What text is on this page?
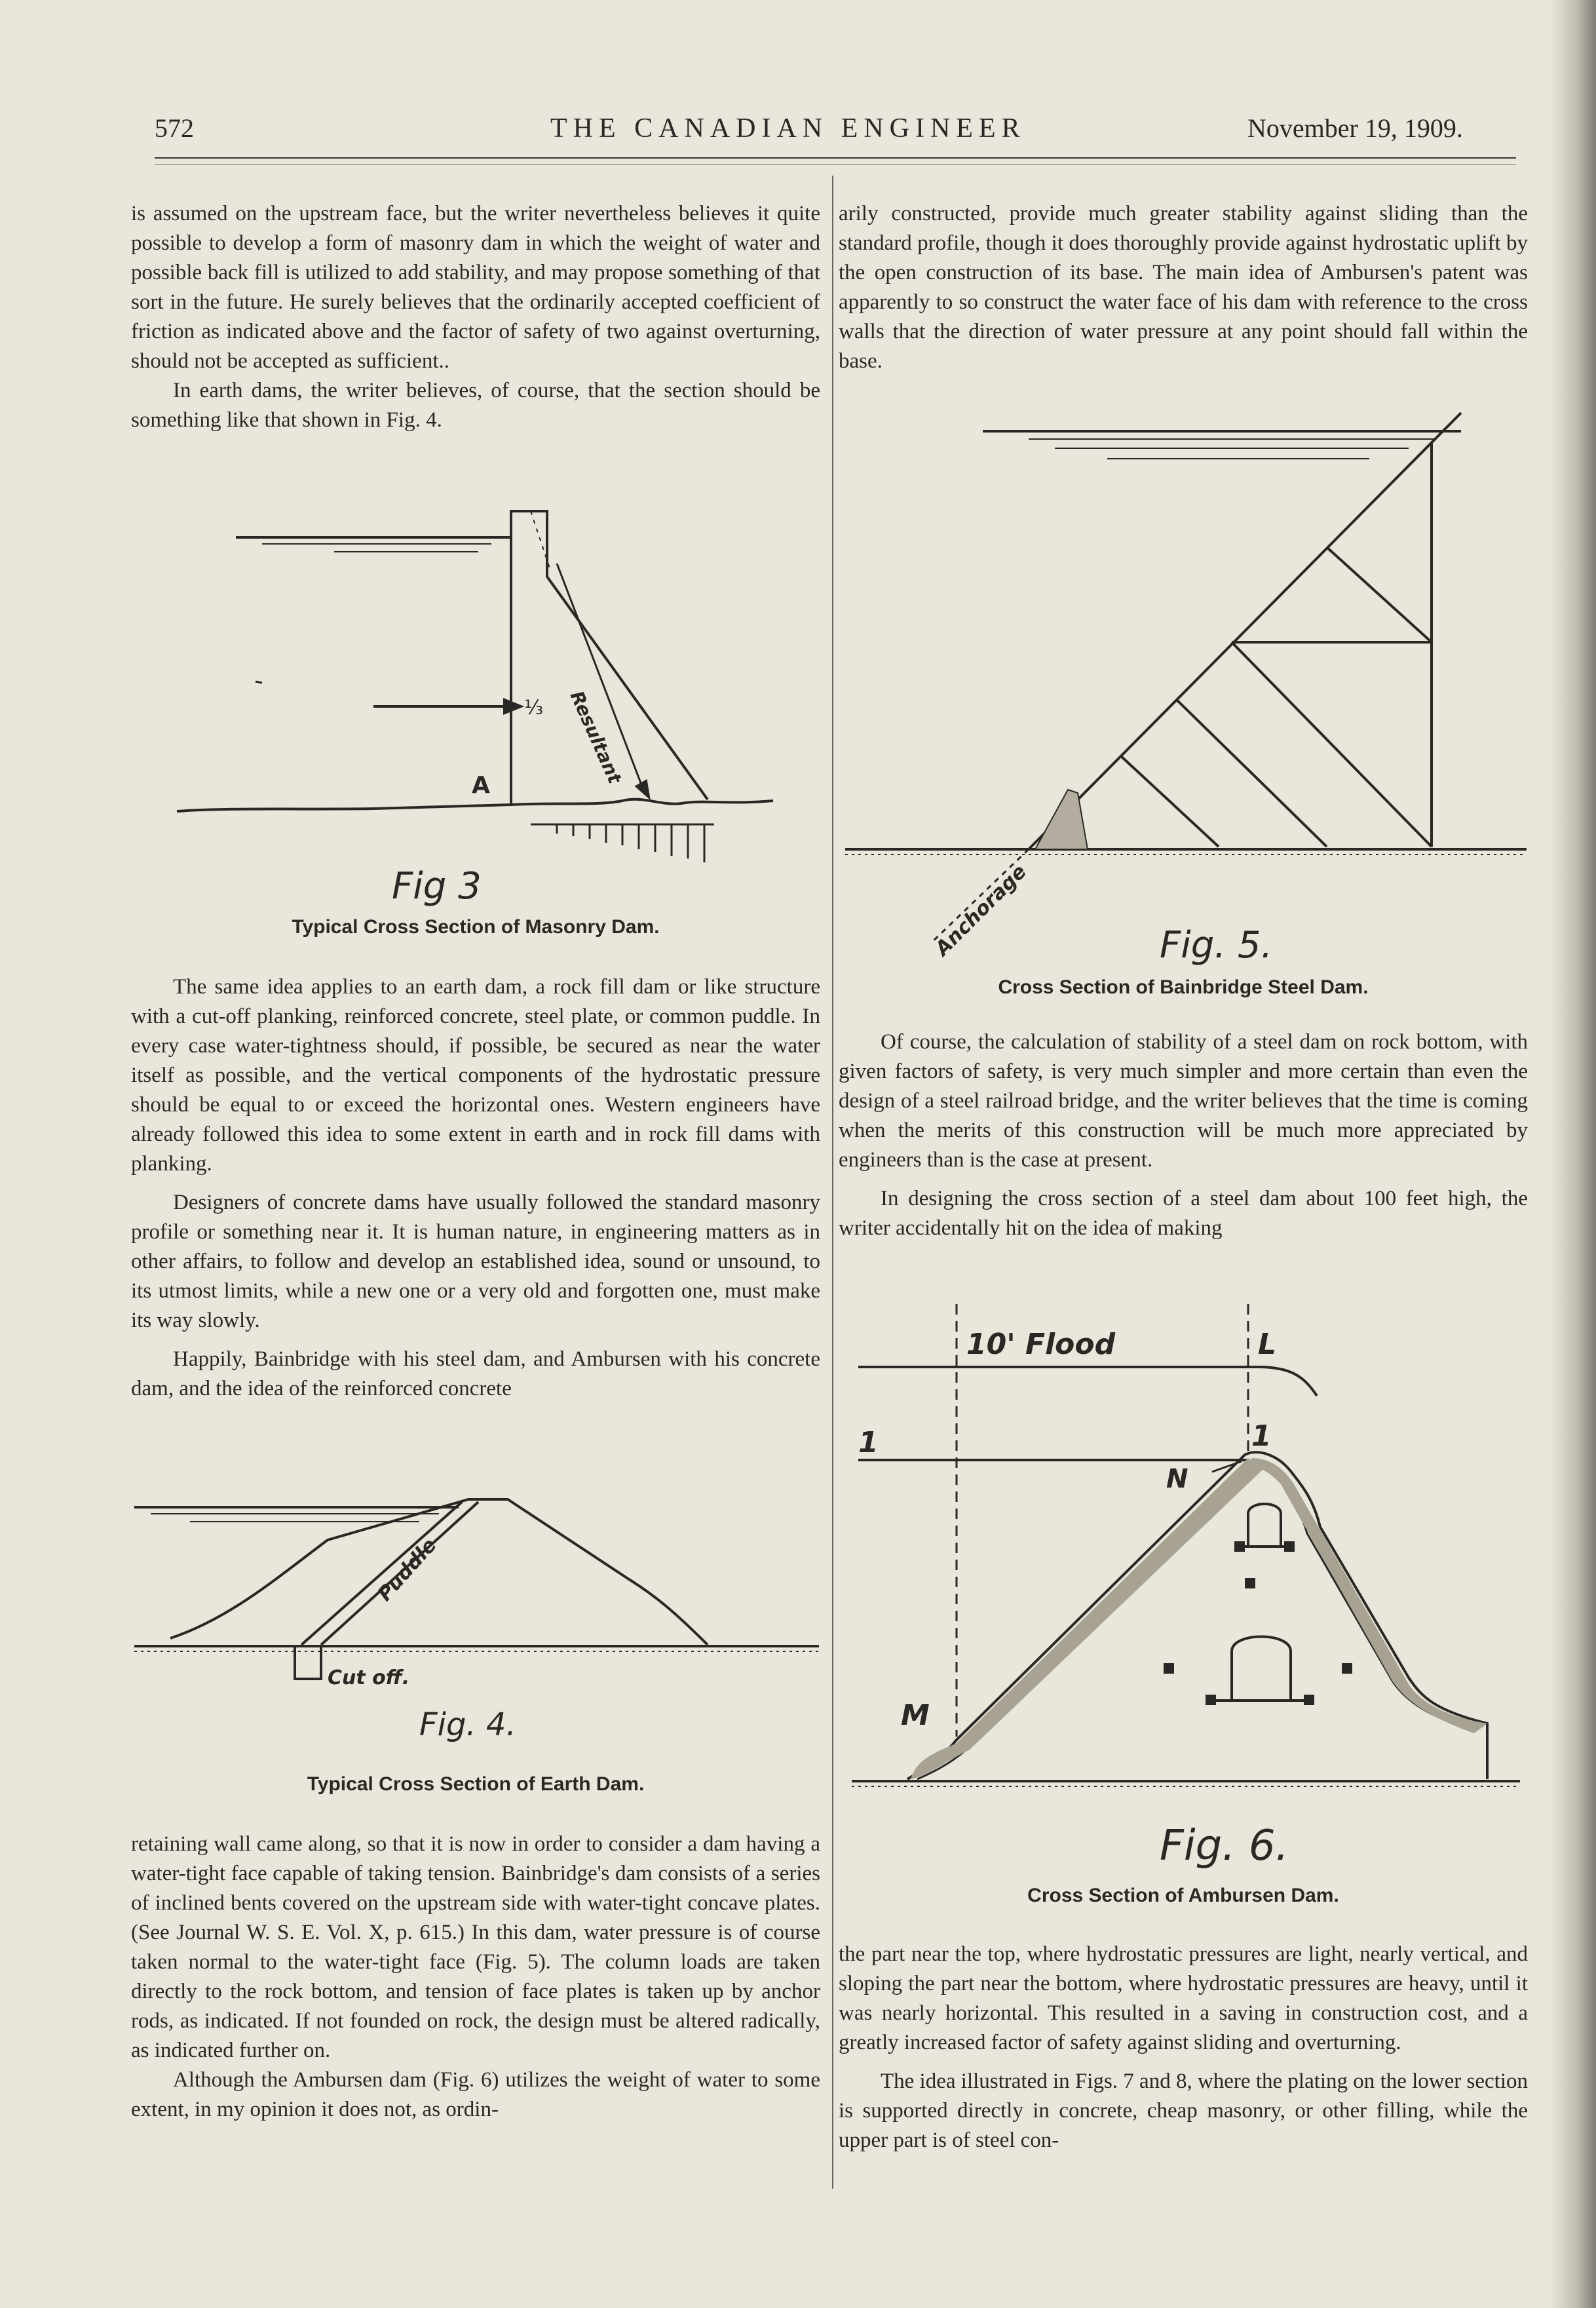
572	THE CANADIAN ENGINEER	November 19, 1909.

is assumed on the upstream face, but the writer nevertheless believes it quite possible to develop a form of masonry dam in which the weight of water and possible back fill is utilized to add stability, and may propose something of that sort in the future. He surely believes that the ordinarily accepted coefficient of friction as indicated above and the factor of safety of two against overturning, should not be accepted as sufficient..

In earth dams, the writer believes, of course, that the section should be something like that shown in Fig. 4.

A
⅓ Resultant
Fig 3
Typical Cross Section of Masonry Dam.

The same idea applies to an earth dam, a rock fill dam or like structure with a cut-off planking, reinforced concrete, steel plate, or common puddle. In every case water-tightness should, if possible, be secured as near the water itself as possible, and the vertical components of the hydrostatic pressure should be equal to or exceed the horizontal ones. Western engineers have already followed this idea to some extent in earth and in rock fill dams with planking.

Designers of concrete dams have usually followed the standard masonry profile or something near it. It is human nature, in engineering matters as in other affairs, to follow and develop an established idea, sound or unsound, to its utmost limits, while a new one or a very old and forgotten one, must make its way slowly.

Happily, Bainbridge with his steel dam, and Ambursen with his concrete dam, and the idea of the reinforced concrete

Puddle
Cut off.
Fig. 4.
Typical Cross Section of Earth Dam.

retaining wall came along, so that it is now in order to consider a dam having a water-tight face capable of taking tension. Bainbridge's dam consists of a series of inclined bents covered on the upstream side with water-tight concave plates. (See Journal W. S. E. Vol. X, p. 615.) In this dam, water pressure is of course taken normal to the water-tight face (Fig. 5). The column loads are taken directly to the rock bottom, and tension of face plates is taken up by anchor rods, as indicated. If not founded on rock, the design must be altered radically, as indicated further on.

Although the Ambursen dam (Fig. 6) utilizes the weight of water to some extent, in my opinion it does not, as ordin-

arily constructed, provide much greater stability against sliding than the standard profile, though it does thoroughly provide against hydrostatic uplift by the open construction of its base. The main idea of Ambursen's patent was apparently to so construct the water face of his dam with reference to the cross walls that the direction of water pressure at any point should fall within the base.

Anchorage	Fig. 5.
Cross Section of Bainbridge Steel Dam.

Of course, the calculation of stability of a steel dam on rock bottom, with given factors of safety, is very much simpler and more certain than even the design of a steel railroad bridge, and the writer believes that the time is coming when the merits of this construction will be much more appreciated by engineers than is the case at present.

In designing the cross section of a steel dam about 100 feet high, the writer accidentally hit on the idea of making

10' Flood	L
1	1
N
M
Fig. 6.
Cross Section of Ambursen Dam.

the part near the top, where hydrostatic pressures are light, nearly vertical, and sloping the part near the bottom, where hydrostatic pressures are heavy, until it was nearly horizontal. This resulted in a saving in construction cost, and a greatly increased factor of safety against sliding and overturning.

The idea illustrated in Figs. 7 and 8, where the plating on the lower section is supported directly in concrete, cheap masonry, or other filling, while the upper part is of steel con-
